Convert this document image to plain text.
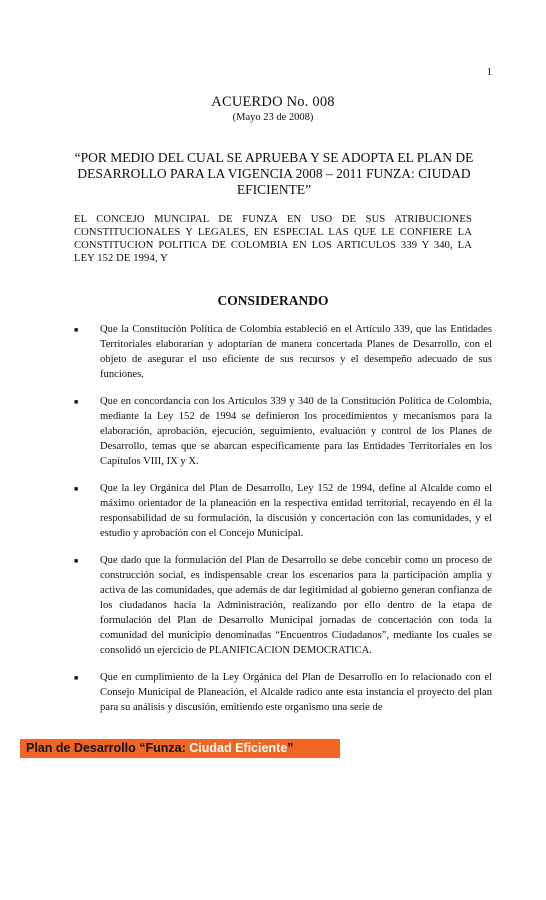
1
ACUERDO No. 008
(Mayo 23 de 2008)
“POR MEDIO DEL CUAL SE APRUEBA Y SE ADOPTA EL PLAN DE DESARROLLO PARA LA VIGENCIA 2008 – 2011 FUNZA: CIUDAD EFICIENTE”
EL CONCEJO MUNCIPAL DE FUNZA EN USO DE SUS ATRIBUCIONES CONSTITUCIONALES Y LEGALES, EN ESPECIAL LAS QUE LE CONFIERE LA CONSTITUCION POLITICA DE COLOMBIA EN LOS ARTICULOS 339 Y 340, LA LEY 152 DE 1994, Y
CONSIDERANDO
■ Que la Constitución Política de Colombia estableció en el Artículo 339, que las Entidades Territoriales elaborarían y adoptarían de manera concertada Planes de Desarrollo, con el objeto de asegurar el uso eficiente de sus recursos y el desempeño adecuado de sus funciones.
■ Que en concordancia con los Artículos 339 y 340 de la Constitución Política de Colombia, mediante la Ley 152 de 1994 se definieron los procedimientos y mecanismos para la elaboración, aprobación, ejecución, seguimiento, evaluación y control de los Planes de Desarrollo, temas que se abarcan específicamente para las Entidades Territoriales en los Capítulos VIII, IX y X.
■ Que la ley Orgánica del Plan de Desarrollo, Ley 152 de 1994, define al Alcalde como el máximo orientador de la planeación en la respectiva entidad territorial, recayendo en él la responsabilidad de su formulación, la discusión y concertación con las comunidades, y el estudio y aprobación con el Concejo Municipal.
■ Que dado que la formulación del Plan de Desarrollo se debe concebir como un proceso de construcción social, es indispensable crear los escenarios para la participación amplia y activa de las comunidades, que además de dar legitimidad al gobierno generan confianza de los ciudadanos hacia la Administración, realizando por ello dentro de la etapa de formulación del Plan de Desarrollo Municipal jornadas de concertación con toda la comunidad del municipio denominadas “Encuentros Ciudadanos”, mediante los cuales se consolidó un ejercicio de PLANIFICACION DEMOCRATICA.
■ Que en cumplimiento de la Ley Orgánica del Plan de Desarrollo en lo relacionado con el Consejo Municipal de Planeación, el Alcalde radico ante esta instancia el proyecto del plan para su análisis y discusión, emitiendo este organismo una serie de
Plan de Desarrollo “Funza: Ciudad Eficiente”
